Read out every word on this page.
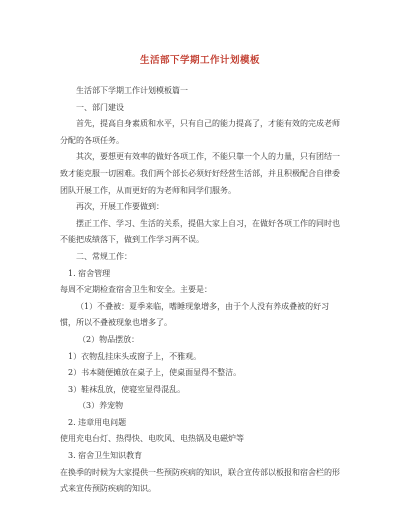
生活部下学期工作计划模板

生活部下学期工作计划模板篇一

一、部门建设

首先，提高自身素质和水平，只有自己的能力提高了，才能有效的完成老师分配的各项任务。

其次，要想更有效率的做好各项工作，不能只靠一个人的力量，只有团结一致才能克服一切困难。我们两个部长必须好好经营生活部，并且积极配合自律委团队开展工作，从而更好的为老师和同学们服务。

再次，开展工作要做到：

摆正工作、学习、生活的关系，提倡大家上自习，在做好各项工作的同时也不能把成绩落下，做到工作学习两不误。

二、常规工作：

1. 宿舍管理

每周不定期检查宿舍卫生和安全。主要是：

（1）不叠被：夏季来临，嗜睡现象增多，由于个人没有养成叠被的好习惯，所以不叠被现象也增多了。

（2）物品摆放：

1）衣物乱挂床头或窗子上，不雅观。

2）书本随便摊放在桌子上，使桌面显得不整洁。

3）鞋袜乱放，使寝室显得混乱。

（3）养宠物

2. 违章用电问题

使用充电台灯、热得快、电吹风、电热锅及电磁炉等

3. 宿舍卫生知识教育

在换季的时候为大家提供一些预防疾病的知识，联合宣传部以板报和宿舍栏的形式来宣传预防疾病的知识。
